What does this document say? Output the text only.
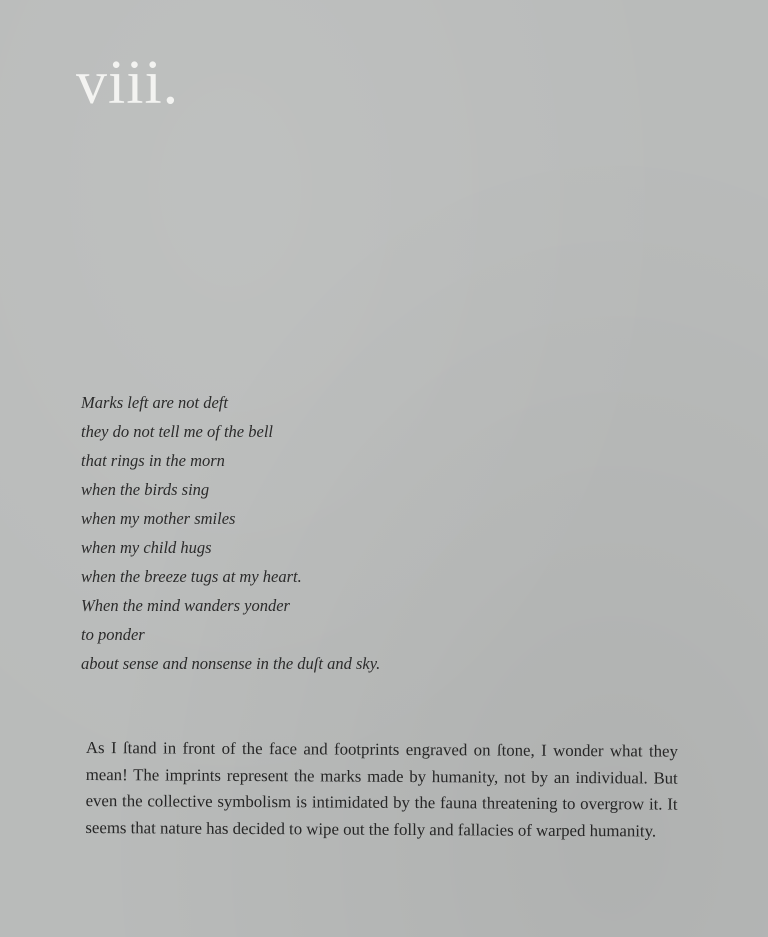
viii.
Marks left are not deft
they do not tell me of the bell
that rings in the morn
when the birds sing
when my mother smiles
when my child hugs
when the breeze tugs at my heart.
When the mind wanders yonder
to ponder
about sense and nonsense in the duſt and sky.

As I ſtand in front of the face and footprints engraved on ſtone, I wonder what they mean! The imprints represent the marks made by humanity, not by an individual. But even the collective symbolism is intimidated by the fauna threatening to overgrow it. It seems that nature has decided to wipe out the folly and fallacies of warped humanity.
